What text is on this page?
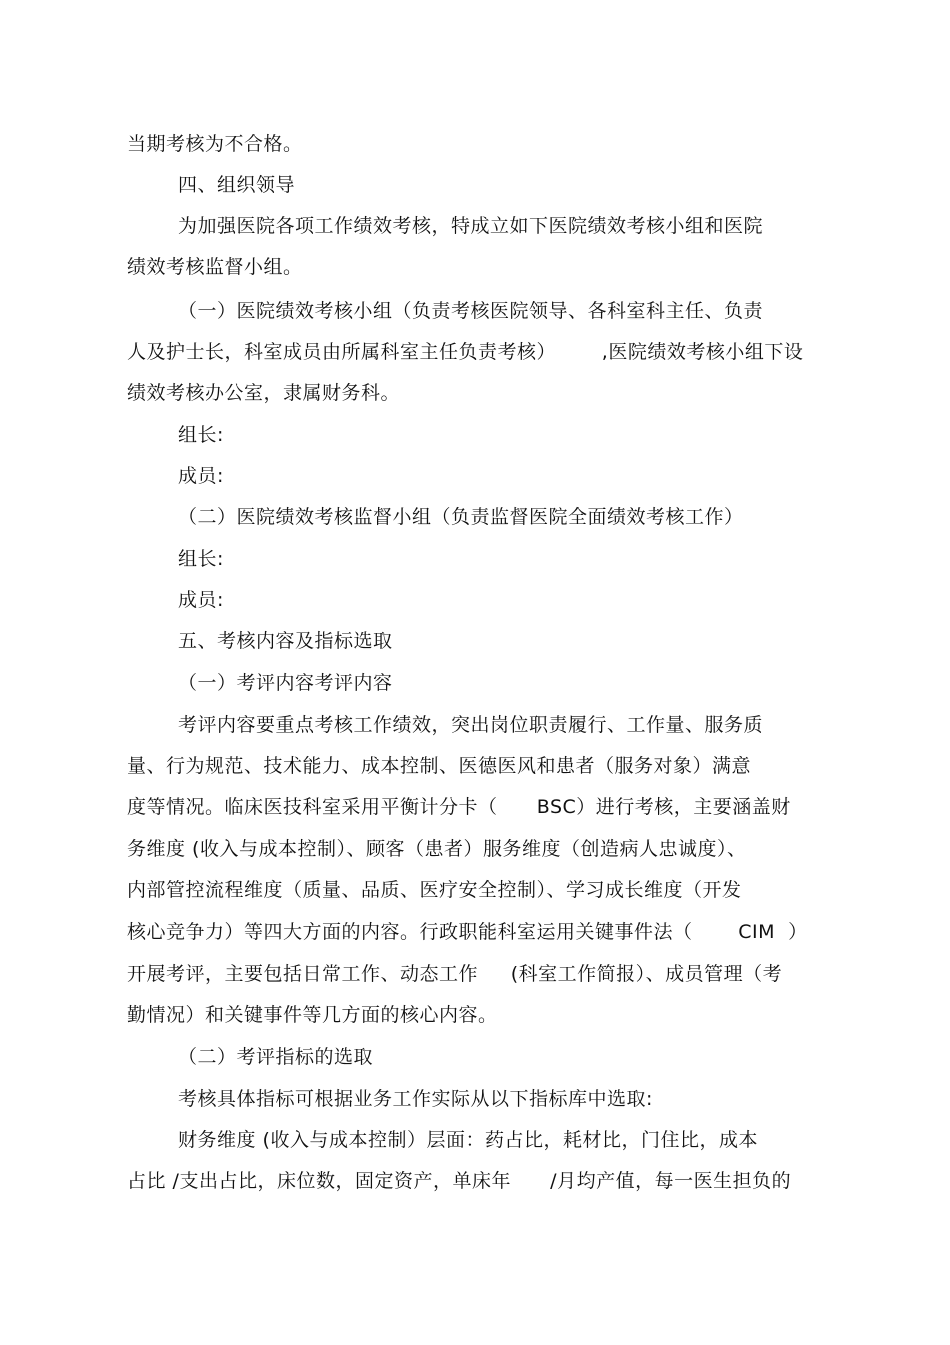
当期考核为不合格。
四、组织领导
为加强医院各项工作绩效考核，特成立如下医院绩效考核小组和医院
绩效考核监督小组。
（一）医院绩效考核小组（负责考核医院领导、各科室科主任、负责
人及护士长，科室成员由所属科室主任负责考核）       ,医院绩效考核小组下设
绩效考核办公室，隶属财务科。
组长:
成员:
（二）医院绩效考核监督小组（负责监督医院全面绩效考核工作）
组长:
成员:
五、考核内容及指标选取
（一）考评内容考评内容
考评内容要重点考核工作绩效，突出岗位职责履行、工作量、服务质
量、行为规范、技术能力、成本控制、医德医风和患者（服务对象）满意
度等情况。临床医技科室采用平衡计分卡（      BSC）进行考核，主要涵盖财
务维度 (收入与成本控制）、顾客（患者）服务维度（创造病人忠诚度）、
内部管控流程维度（质量、品质、医疗安全控制）、学习成长维度（开发
核心竞争力）等四大方面的内容。行政职能科室运用关键事件法（       CIM  ）
开展考评，主要包括日常工作、动态工作     (科室工作简报）、成员管理（考
勤情况）和关键事件等几方面的核心内容。
（二）考评指标的选取
考核具体指标可根据业务工作实际从以下指标库中选取:
财务维度 (收入与成本控制）层面：药占比，耗材比，门住比，成本
占比 /支出占比，床位数，固定资产，单床年      /月均产值，每一医生担负的
